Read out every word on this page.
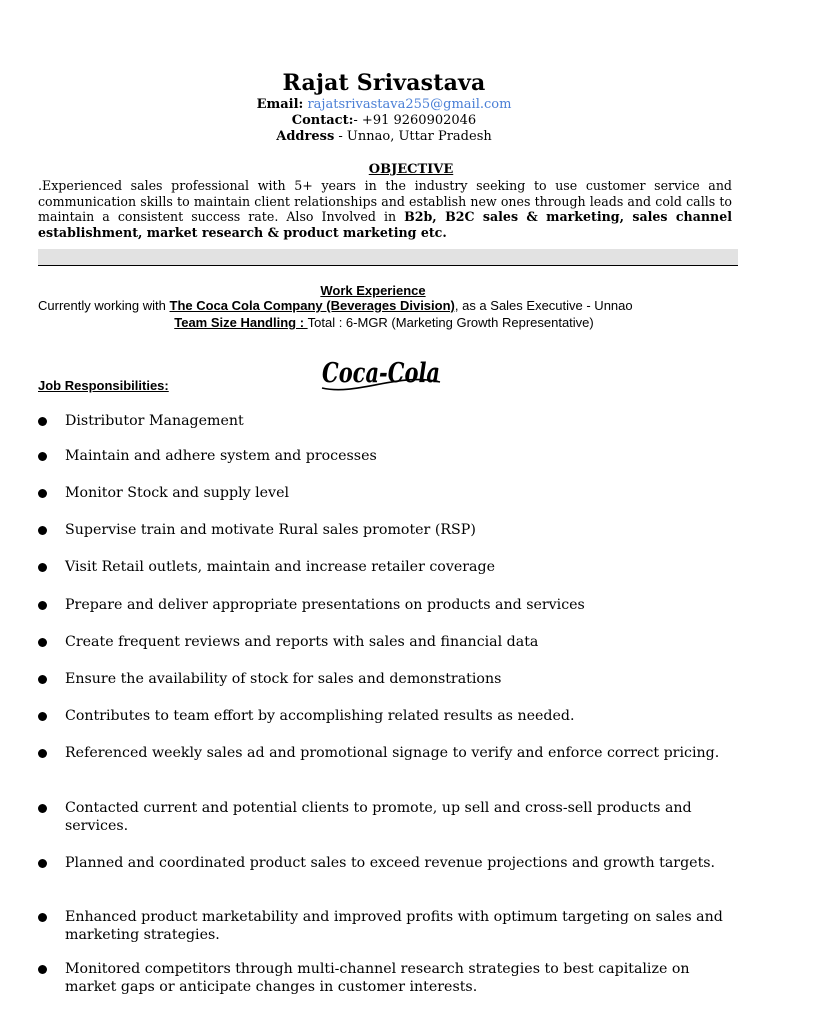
Rajat Srivastava
Email: rajatsrivastava255@gmail.com
Contact:- +91 9260902046
Address - Unnao, Uttar Pradesh
OBJECTIVE
.Experienced sales professional with 5+ years in the industry seeking to use customer service and communication skills to maintain client relationships and establish new ones through leads and cold calls to maintain a consistent success rate. Also Involved in B2b, B2C sales & marketing, sales channel establishment, market research & product marketing etc.
Work Experience
Currently working with The Coca Cola Company (Beverages Division), as a Sales Executive - Unnao
Team Size Handling : Total : 6-MGR (Marketing Growth Representative)
Coca-Cola
Job Responsibilities:
Distributor Management
Maintain and adhere system and processes
Monitor Stock and supply level
Supervise train and motivate Rural sales promoter (RSP)
Visit Retail outlets, maintain and increase retailer coverage
Prepare and deliver appropriate presentations on products and services
Create frequent reviews and reports with sales and financial data
Ensure the availability of stock for sales and demonstrations
Contributes to team effort by accomplishing related results as needed.
Referenced weekly sales ad and promotional signage to verify and enforce correct pricing.
Contacted current and potential clients to promote, up sell and cross-sell products and services.
Planned and coordinated product sales to exceed revenue projections and growth targets.
Enhanced product marketability and improved profits with optimum targeting on sales and marketing strategies.
Monitored competitors through multi-channel research strategies to best capitalize on market gaps or anticipate changes in customer interests.
